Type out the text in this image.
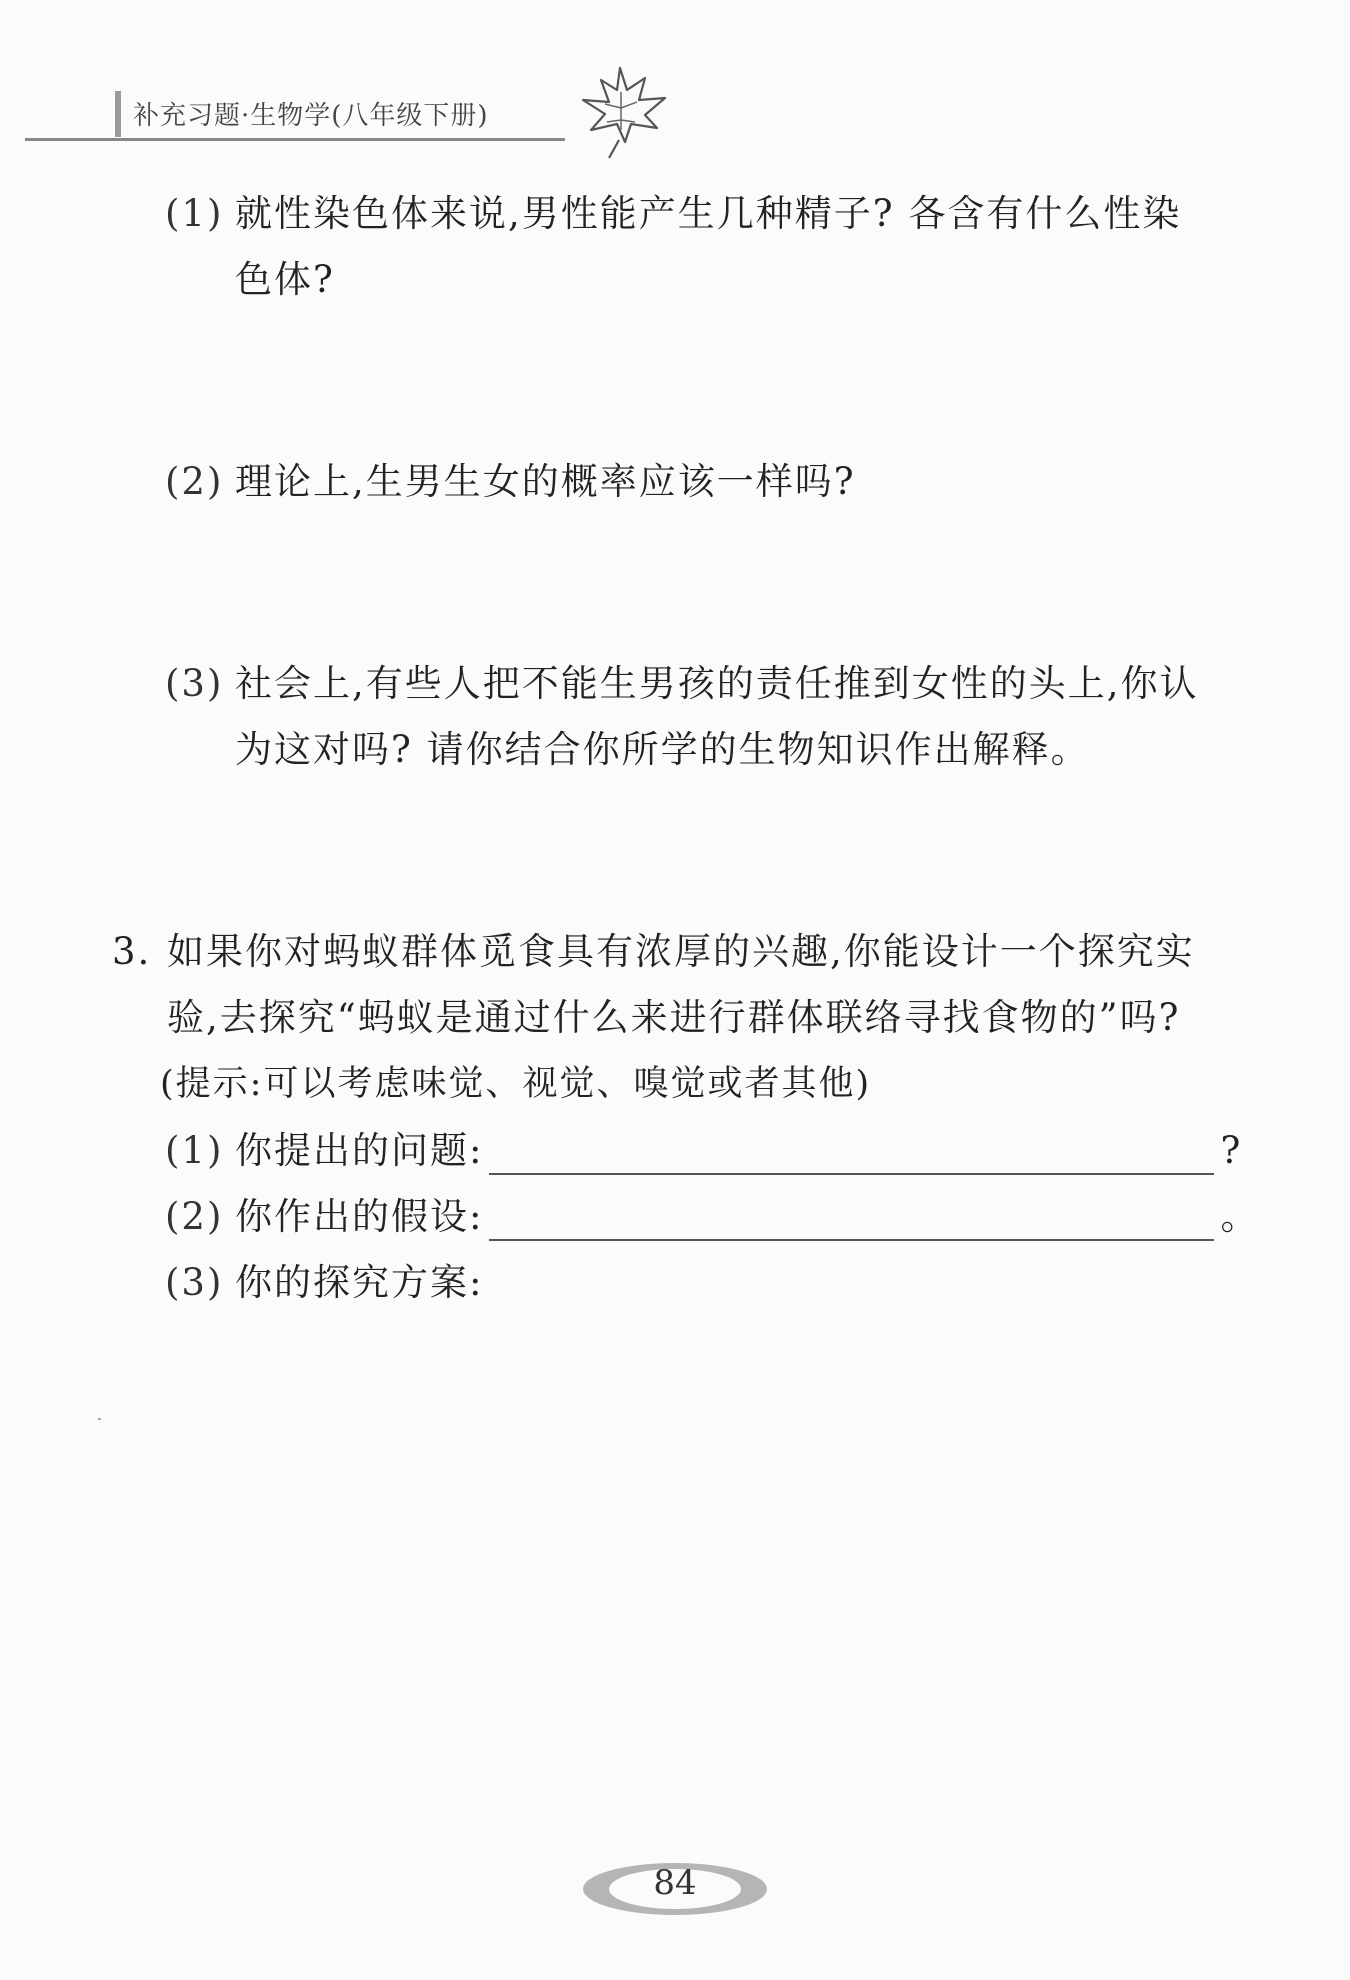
补充习题·生物学(八年级下册)
(1) 就性染色体来说,男性能产生几种精子? 各含有什么性染
色体?
(2) 理论上,生男生女的概率应该一样吗?
(3) 社会上,有些人把不能生男孩的责任推到女性的头上,你认
为这对吗? 请你结合你所学的生物知识作出解释。
3. 如果你对蚂蚁群体觅食具有浓厚的兴趣,你能设计一个探究实
验,去探究“蚂蚁是通过什么来进行群体联络寻找食物的”吗?
(提示:可以考虑味觉、视觉、嗅觉或者其他)
(1) 你提出的问题:	?
(2) 你作出的假设:	。
(3) 你的探究方案:
84
